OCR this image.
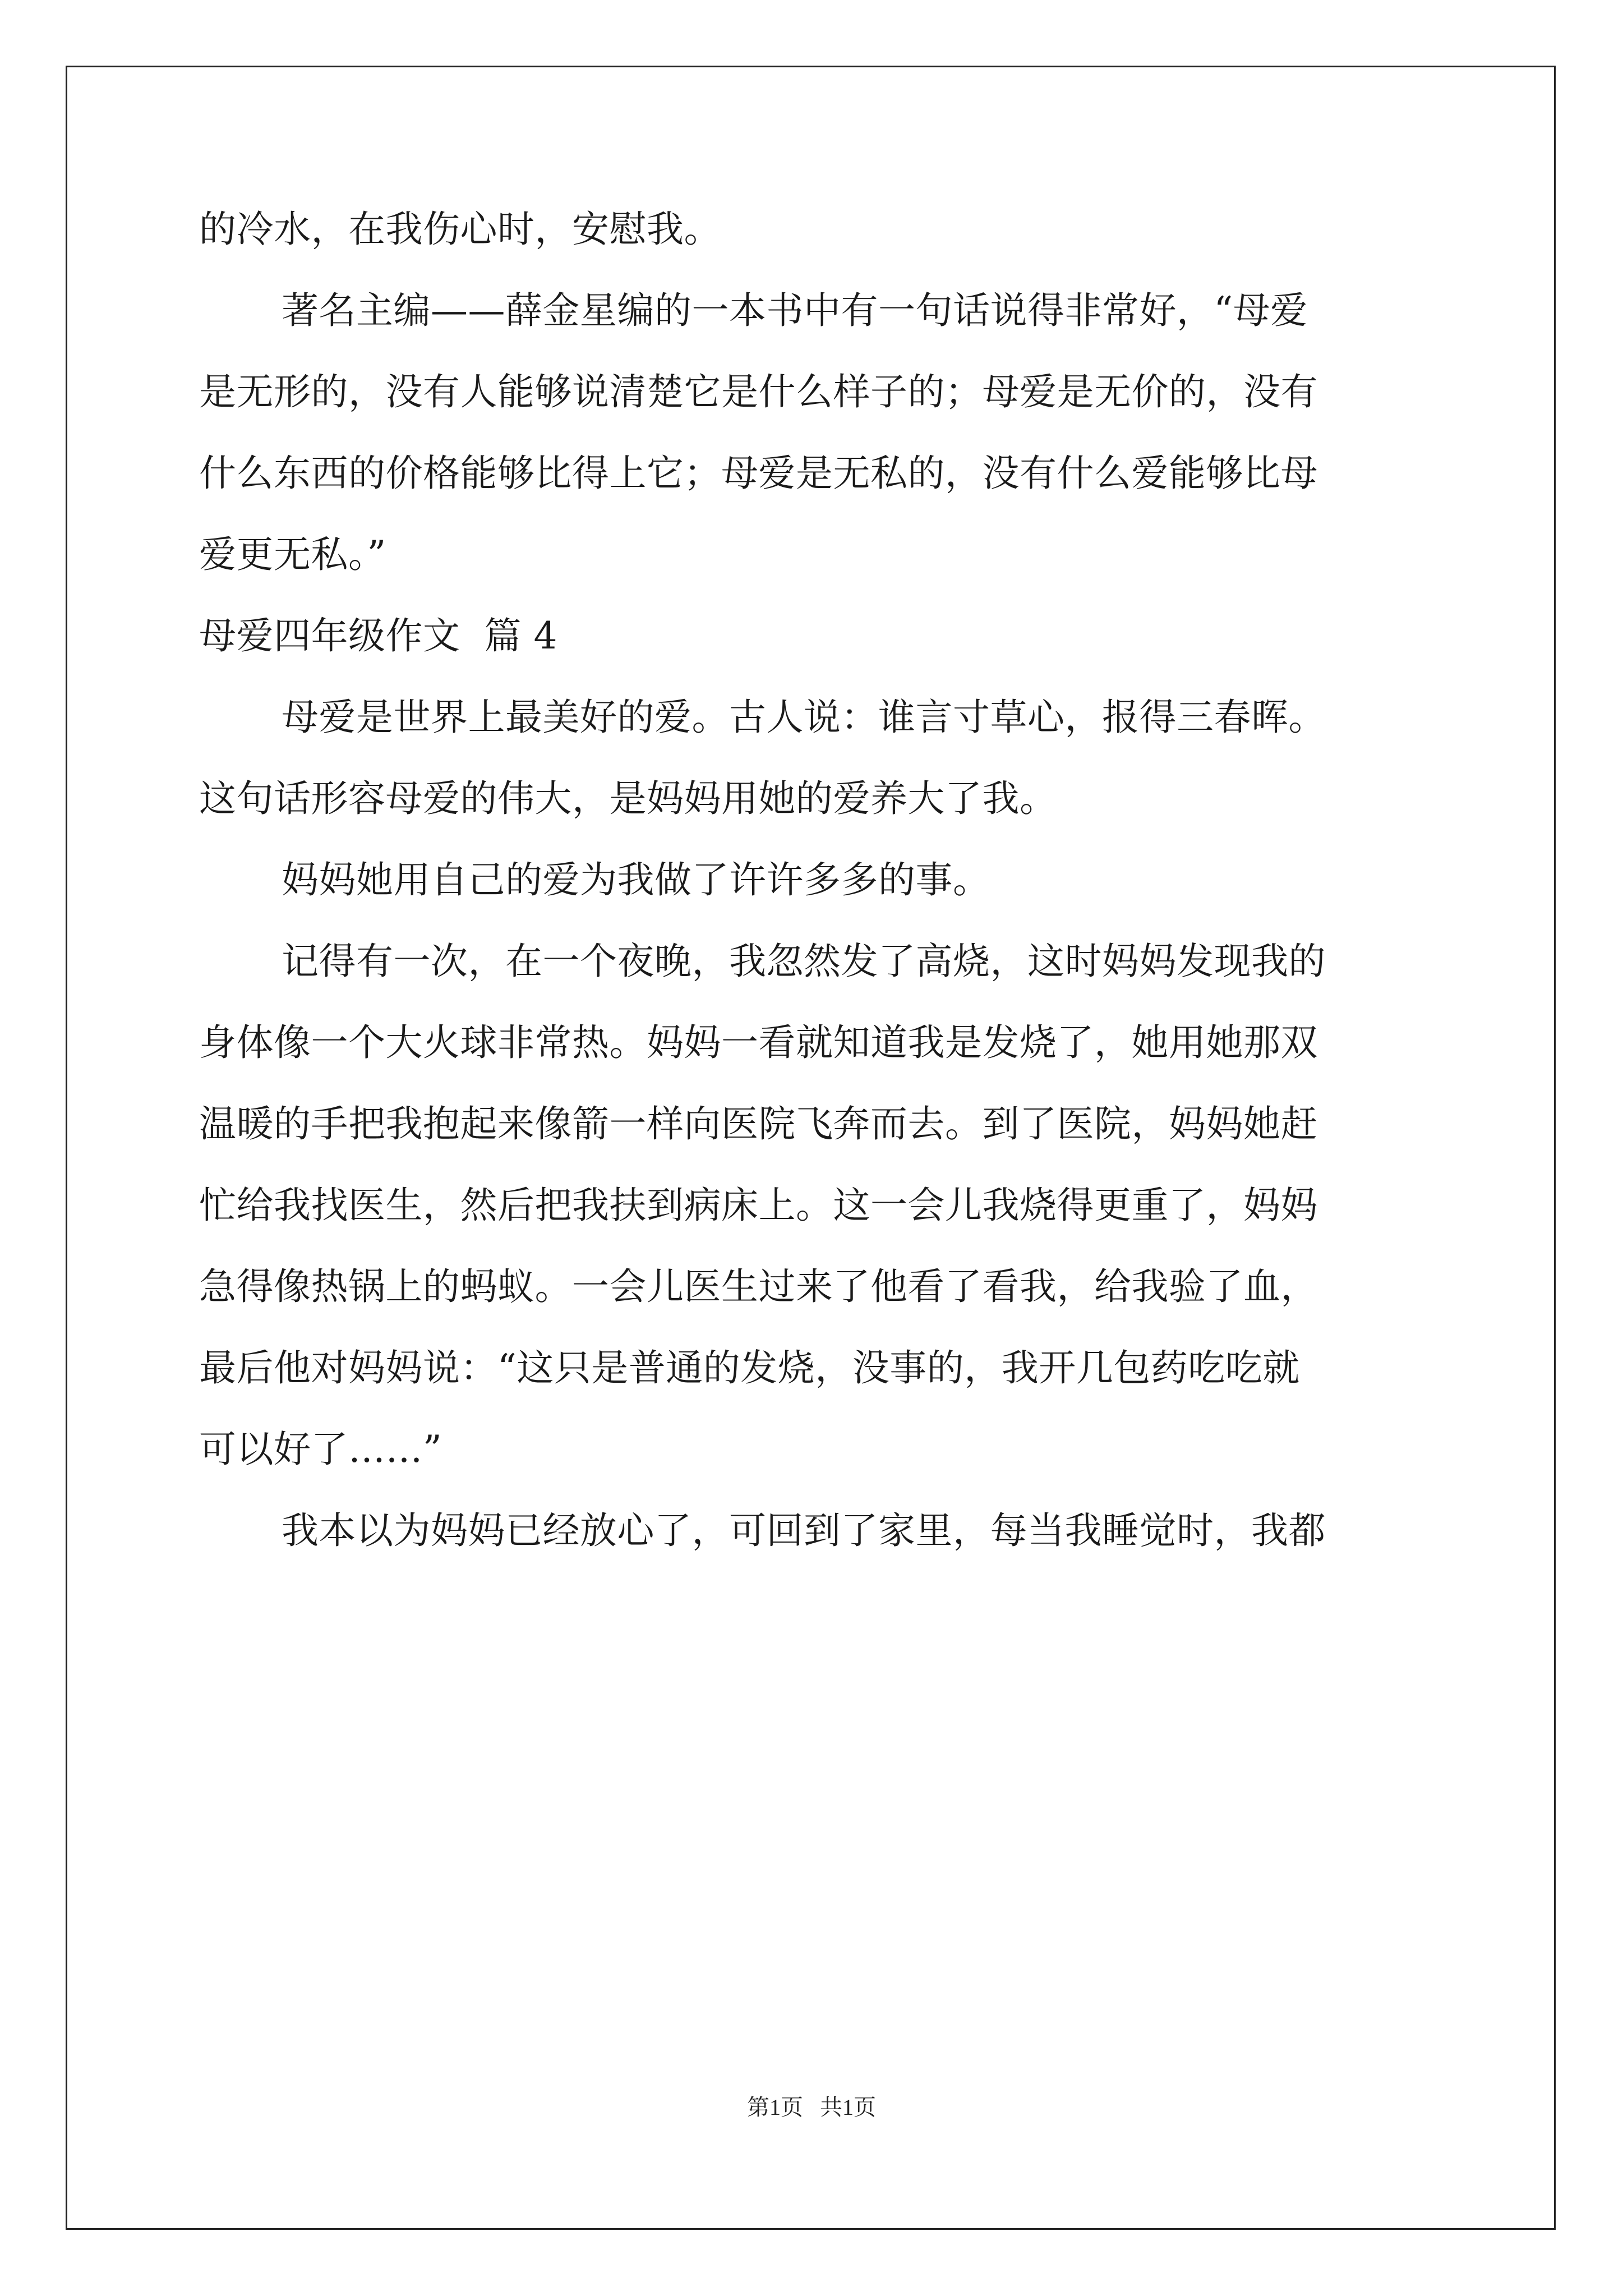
的冷水，在我伤心时，安慰我。

著名主编——薛金星编的一本书中有一句话说得非常好，“母爱

是无形的，没有人能够说清楚它是什么样子的；母爱是无价的，没有

什么东西的价格能够比得上它；母爱是无私的，没有什么爱能够比母

爱更无私。”

母爱四年级作文  篇 4

母爱是世界上最美好的爱。古人说：谁言寸草心，报得三春晖。

这句话形容母爱的伟大，是妈妈用她的爱养大了我。

妈妈她用自己的爱为我做了许许多多的事。

记得有一次，在一个夜晚，我忽然发了高烧，这时妈妈发现我的

身体像一个大火球非常热。妈妈一看就知道我是发烧了，她用她那双

温暖的手把我抱起来像箭一样向医院飞奔而去。到了医院，妈妈她赶

忙给我找医生，然后把我扶到病床上。这一会儿我烧得更重了，妈妈

急得像热锅上的蚂蚁。一会儿医生过来了他看了看我，给我验了血，

最后他对妈妈说：“这只是普通的发烧，没事的，我开几包药吃吃就

可以好了……”

我本以为妈妈已经放心了，可回到了家里，每当我睡觉时，我都

第1页   共1页
